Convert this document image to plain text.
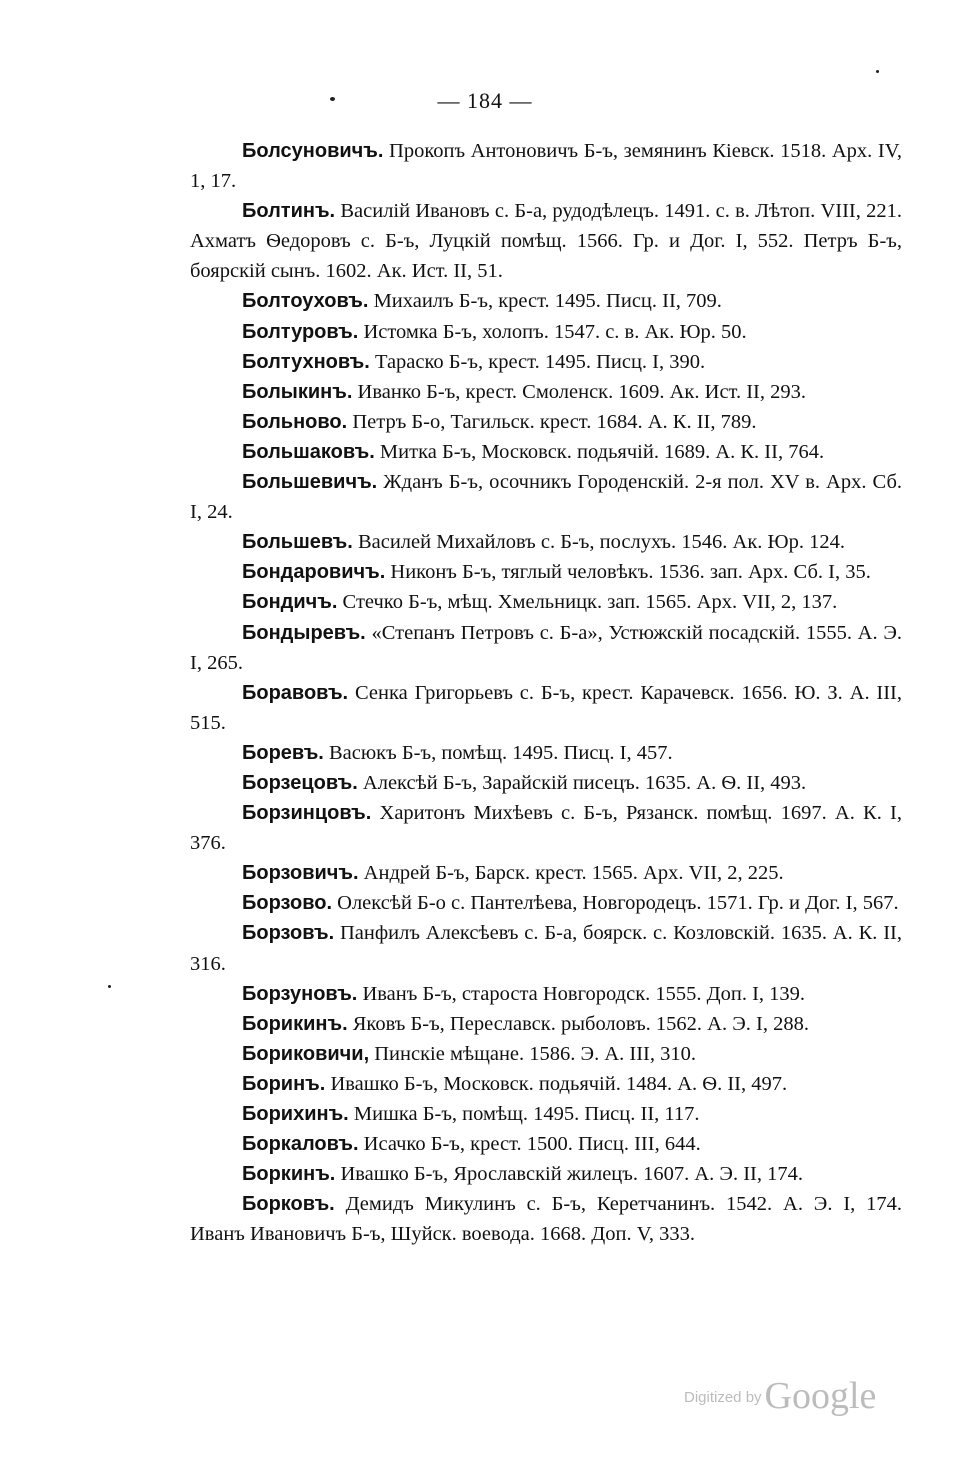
— 184 —

Болсуновичъ. Прокопъ Антоновичъ Б-ъ, земянинъ Кіевск. 1518. Арх. IV, 1, 17.

Болтинъ. Василій Ивановъ с. Б-а, рудодѣлецъ. 1491. с. в. Лѣтоп. VIII, 221. Ахматъ Ѳедоровъ с. Б-ъ, Луцкій помѣщ. 1566. Гр. и Дог. I, 552. Петръ Б-ъ, боярскій сынъ. 1602. Ак. Ист. II, 51.

Болтоуховъ. Михаилъ Б-ъ, крест. 1495. Писц. II, 709.

Болтуровъ. Истомка Б-ъ, холопъ. 1547. с. в. Ак. Юр. 50.

Болтухновъ. Тараско Б-ъ, крест. 1495. Писц. I, 390.

Болыкинъ. Иванко Б-ъ, крест. Смоленск. 1609. Ак. Ист. II, 293.

Больново. Петръ Б-о, Тагильск. крест. 1684. А. К. II, 789.

Большаковъ. Митка Б-ъ, Московск. подьячій. 1689. А. К. II, 764.

Большевичъ. Жданъ Б-ъ, осочникъ Городенскій. 2-я пол. XV в. Арх. Сб. I, 24.

Большевъ. Василей Михайловъ с. Б-ъ, послухъ. 1546. Ак. Юр. 124.

Бондаровичъ. Никонъ Б-ъ, тяглый человѣкъ. 1536. зап. Арх. Сб. I, 35.

Бондичъ. Стечко Б-ъ, мѣщ. Хмельницк. зап. 1565. Арх. VII, 2, 137.

Бондыревъ. «Степанъ Петровъ с. Б-а», Устюжскій посадскій. 1555. А. Э. I, 265.

Боравовъ. Сенка Григорьевъ с. Б-ъ, крест. Карачевск. 1656. Ю. З. А. III, 515.

Боревъ. Васюкъ Б-ъ, помѣщ. 1495. Писц. I, 457.

Борзецовъ. Алексѣй Б-ъ, Зарайскій писецъ. 1635. А. Ѳ. II, 493.

Борзинцовъ. Харитонъ Михѣевъ с. Б-ъ, Рязанск. помѣщ. 1697. А. К. I, 376.

Борзовичъ. Андрей Б-ъ, Барск. крест. 1565. Арх. VII, 2, 225.

Борзово. Олексѣй Б-о с. Пантелѣева, Новгородецъ. 1571. Гр. и Дог. I, 567.

Борзовъ. Панфилъ Алексѣевъ с. Б-а, боярск. с. Козловскій. 1635. А. К. II, 316.

Борзуновъ. Иванъ Б-ъ, староста Новгородск. 1555. Доп. I, 139.

Борикинъ. Яковъ Б-ъ, Переславск. рыболовъ. 1562. А. Э. I, 288.

Бориковичи, Пинскіе мѣщане. 1586. Э. А. III, 310.

Боринъ. Ивашко Б-ъ, Московск. подьячій. 1484. А. Ѳ. II, 497.

Борихинъ. Мишка Б-ъ, помѣщ. 1495. Писц. II, 117.

Боркаловъ. Исачко Б-ъ, крест. 1500. Писц. III, 644.

Боркинъ. Ивашко Б-ъ, Ярославскій жилецъ. 1607. А. Э. II, 174.

Борковъ. Демидъ Микулинъ с. Б-ъ, Керетчанинъ. 1542. А. Э. I, 174. Иванъ Ивановичъ Б-ъ, Шуйск. воевода. 1668. Доп. V, 333.

Digitized byGoogle
